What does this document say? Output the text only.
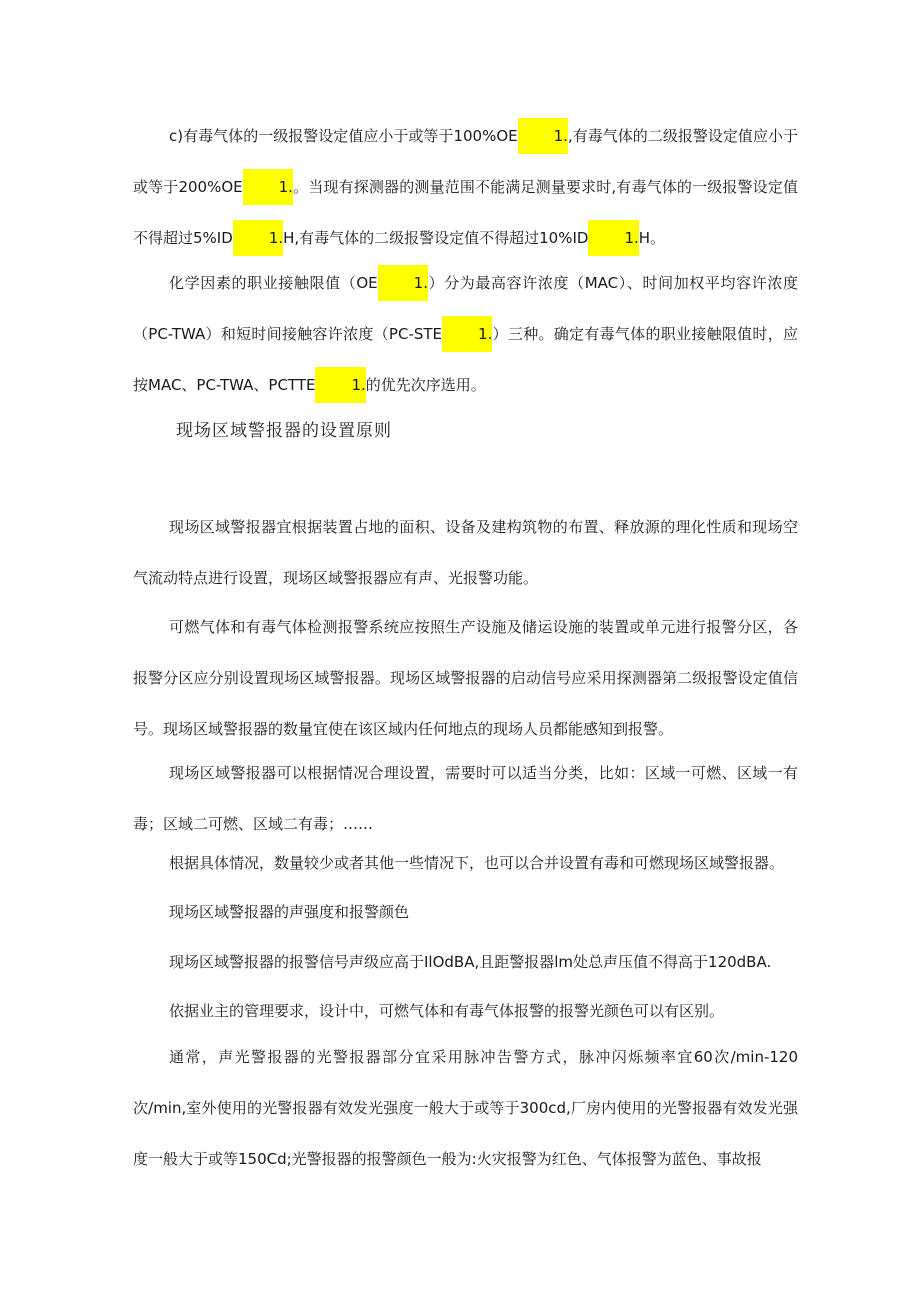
c)有毒气体的一级报警设定值应小于或等于100%OE 1.,有毒气体的二级报警设定值应小于或等于200%OE 1.。当现有探测器的测量范围不能满足测量要求时,有毒气体的一级报警设定值不得超过5%ID 1.H,有毒气体的二级报警设定值不得超过10%ID 1.H。

化学因素的职业接触限值（OE 1.）分为最高容许浓度（MAC）、时间加权平均容许浓度（PC-TWA）和短时间接触容许浓度（PC-STE 1.）三种。确定有毒气体的职业接触限值时，应按MAC、PC-TWA、PCTTE 1.的优先次序选用。

现场区域警报器的设置原则

现场区域警报器宜根据装置占地的面积、设备及建构筑物的布置、释放源的理化性质和现场空气流动特点进行设置，现场区域警报器应有声、光报警功能。

可燃气体和有毒气体检测报警系统应按照生产设施及储运设施的装置或单元进行报警分区，各报警分区应分别设置现场区域警报器。现场区域警报器的启动信号应采用探测器第二级报警设定值信号。现场区域警报器的数量宜使在该区域内任何地点的现场人员都能感知到报警。

现场区域警报器可以根据情况合理设置，需要时可以适当分类，比如：区域一可燃、区域一有毒；区域二可燃、区域二有毒；……

根据具体情况，数量较少或者其他一些情况下，也可以合并设置有毒和可燃现场区域警报器。

现场区域警报器的声强度和报警颜色

现场区域警报器的报警信号声级应高于IlOdBA,且距警报器lm处总声压值不得高于120dBA.

依据业主的管理要求，设计中，可燃气体和有毒气体报警的报警光颜色可以有区别。

通常，声光警报器的光警报器部分宜采用脉冲告警方式，脉冲闪烁频率宜60次/min-120次/min,室外使用的光警报器有效发光强度一般大于或等于300cd,厂房内使用的光警报器有效发光强度一般大于或等150Cd;光警报器的报警颜色一般为:火灾报警为红色、气体报警为蓝色、事故报
